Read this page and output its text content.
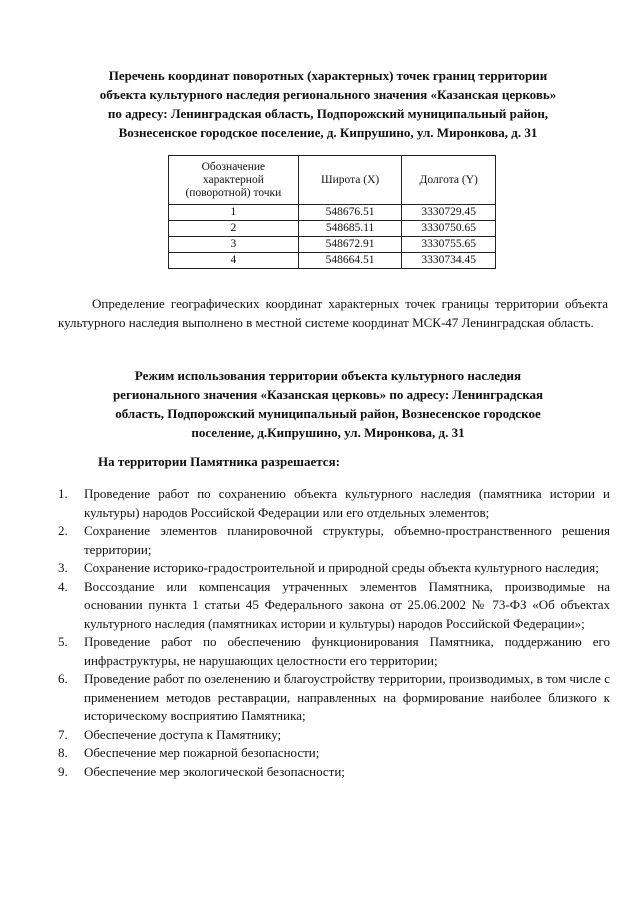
Перечень координат поворотных (характерных) точек границ территории
объекта культурного наследия регионального значения «Казанская церковь»
по адресу: Ленинградская область, Подпорожский муниципальный район,
Вознесенское городское поселение, д. Кипрушино, ул. Миронкова, д. 31
Обозначение характерной (поворотной) точки	Широта (X)	Долгота (Y)
1	548676.51	3330729.45
2	548685.11	3330750.65
3	548672.91	3330755.65
4	548664.51	3330734.45
Определение географических координат характерных точек границы территории объекта культурного наследия выполнено в местной системе координат МСК-47 Ленинградская область.
Режим использования территории объекта культурного наследия
регионального значения «Казанская церковь» по адресу: Ленинградская
область, Подпорожский муниципальный район, Вознесенское городское
поселение, д.Кипрушино, ул. Миронкова, д. 31
На территории Памятника разрешается:
1. Проведение работ по сохранению объекта культурного наследия (памятника истории и культуры) народов Российской Федерации или его отдельных элементов;
2. Сохранение элементов планировочной структуры, объемно-пространственного решения территории;
3. Сохранение историко-градостроительной и природной среды объекта культурного наследия;
4. Воссоздание или компенсация утраченных элементов Памятника, производимые на основании пункта 1 статьи 45 Федерального закона от 25.06.2002 № 73-ФЗ «Об объектах культурного наследия (памятниках истории и культуры) народов Российской Федерации»;
5. Проведение работ по обеспечению функционирования Памятника, поддержанию его инфраструктуры, не нарушающих целостности его территории;
6. Проведение работ по озеленению и благоустройству территории, производимых, в том числе с применением методов реставрации, направленных на формирование наиболее близкого к историческому восприятию Памятника;
7. Обеспечение доступа к Памятнику;
8. Обеспечение мер пожарной безопасности;
9. Обеспечение мер экологической безопасности;
